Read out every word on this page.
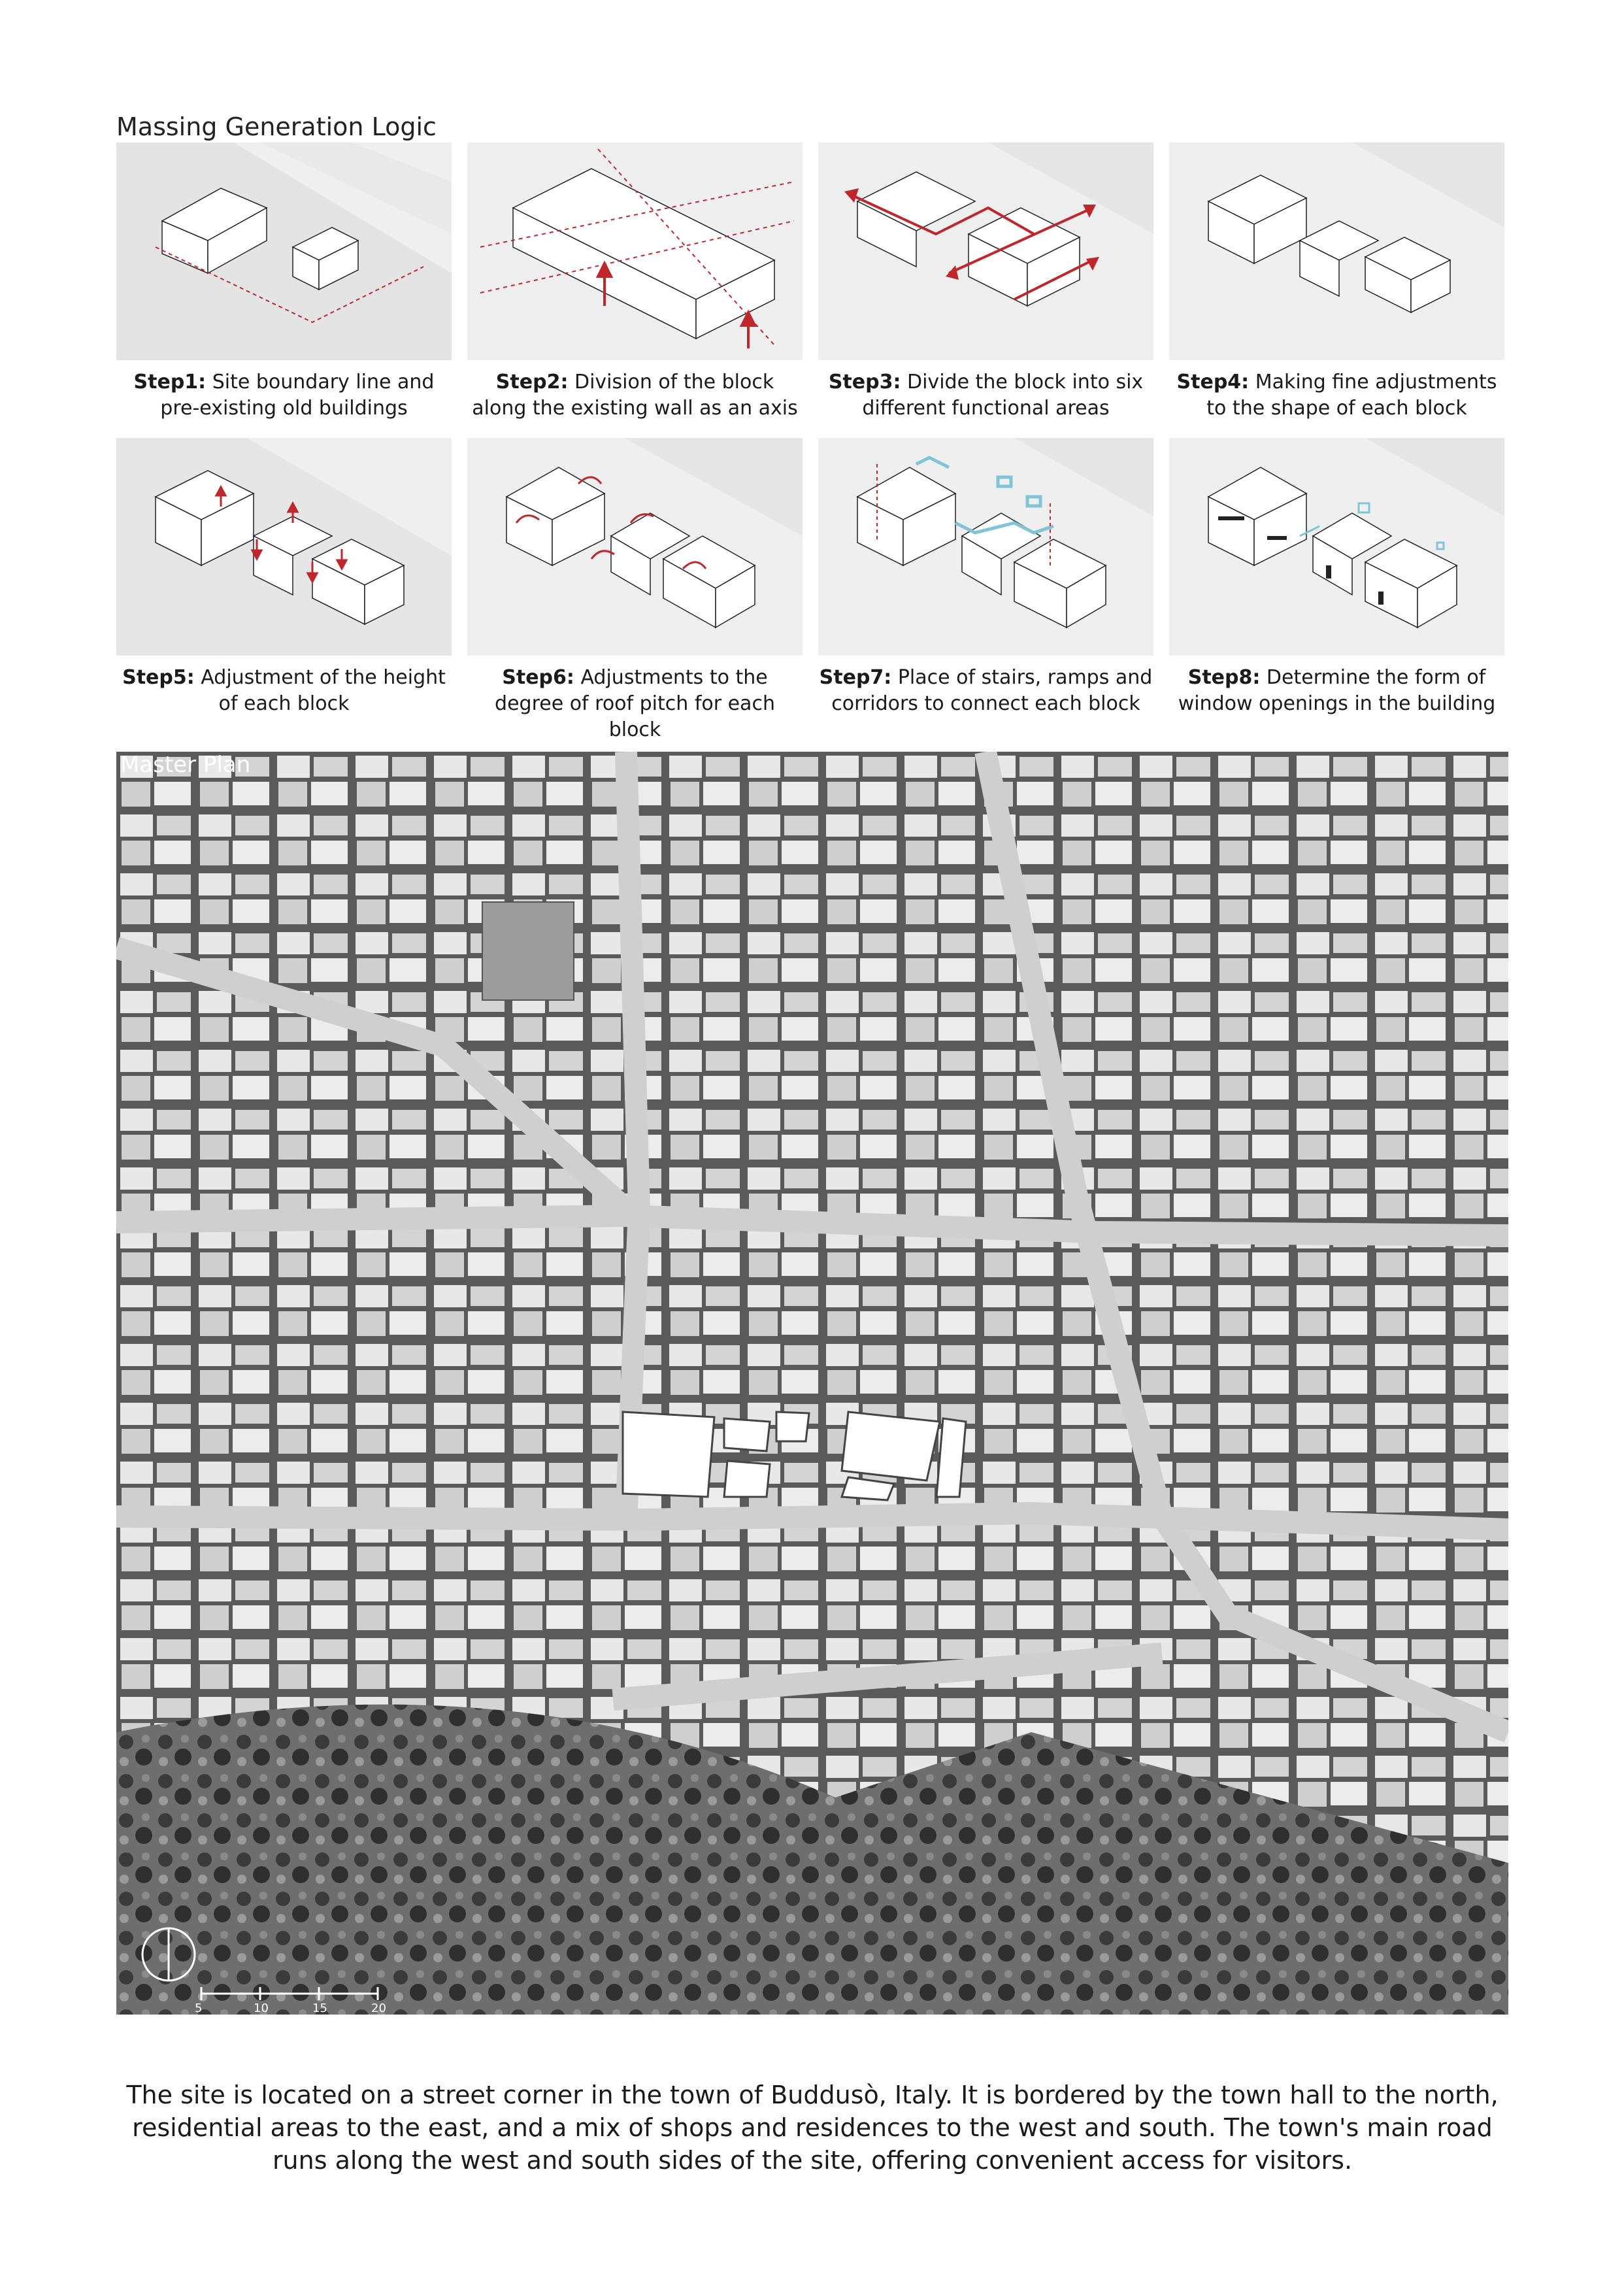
Massing Generation Logic
Step1: Site boundary line and pre-existing old buildings
Step2: Division of the block along the existing wall as an axis
Step3: Divide the block into six different functional areas
Step4: Making fine adjustments to the shape of each block
Step5: Adjustment of the height of each block
Step6: Adjustments to the degree of roof pitch for each block
Step7: Place of stairs, ramps and corridors to connect each block
Step8: Determine the form of window openings in the building
5	10	15	20
Master Plan
The site is located on a street corner in the town of Buddusò, Italy. It is bordered by the town hall to the north, residential areas to the east, and a mix of shops and residences to the west and south. The town's main road runs along the west and south sides of the site, offering convenient access for visitors.
